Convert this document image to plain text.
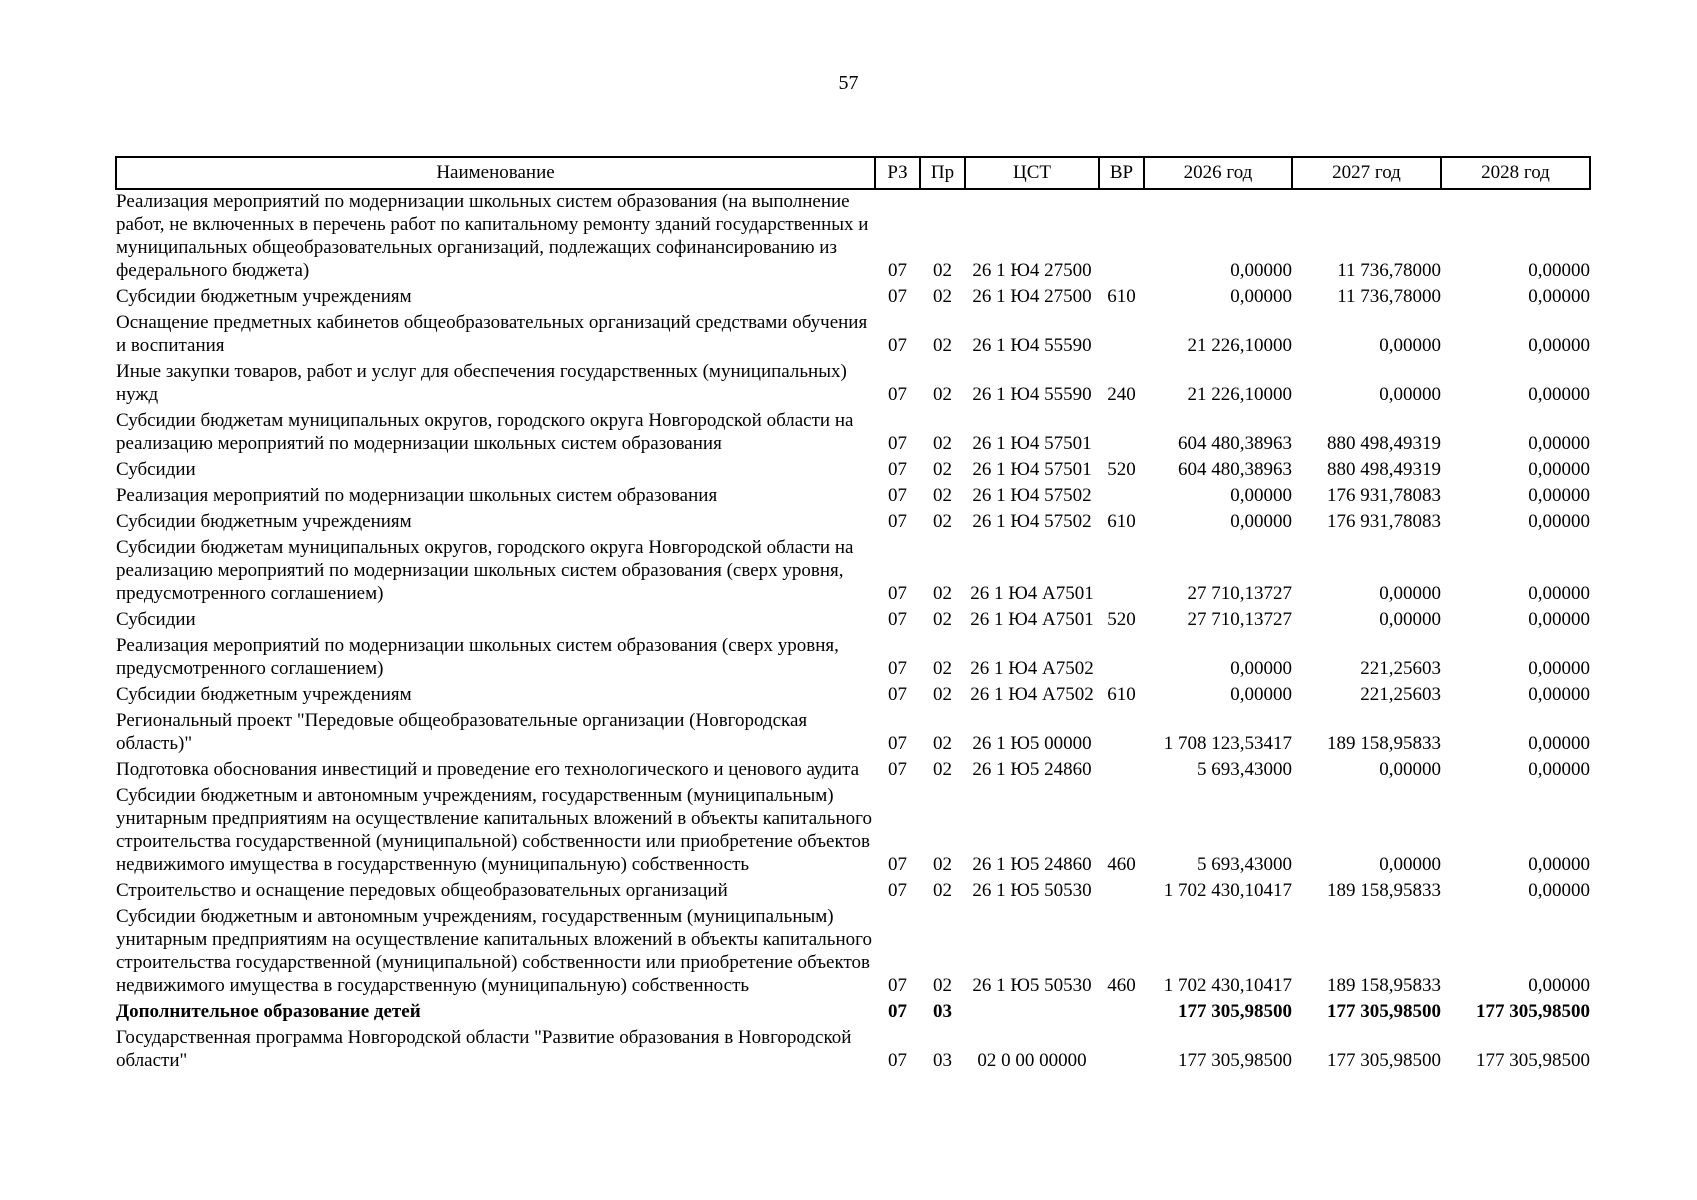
57
Наименование	РЗ	Пр	ЦСТ	ВР	2026 год	2027 год	2028 год
Реализация мероприятий по модернизации школьных систем образования (на выполнение работ, не включенных в перечень работ по капитальному ремонту зданий государственных и муниципальных общеобразовательных организаций, подлежащих софинансированию из федерального бюджета)	07	02	26 1 Ю4 27500		0,00000	11 736,78000	0,00000
Субсидии бюджетным учреждениям	07	02	26 1 Ю4 27500	610	0,00000	11 736,78000	0,00000
Оснащение предметных кабинетов общеобразовательных организаций средствами обучения и воспитания	07	02	26 1 Ю4 55590		21 226,10000	0,00000	0,00000
Иные закупки товаров, работ и услуг для обеспечения государственных (муниципальных) нужд	07	02	26 1 Ю4 55590	240	21 226,10000	0,00000	0,00000
Субсидии бюджетам муниципальных округов, городского округа Новгородской области на реализацию мероприятий по модернизации школьных систем образования	07	02	26 1 Ю4 57501		604 480,38963	880 498,49319	0,00000
Субсидии	07	02	26 1 Ю4 57501	520	604 480,38963	880 498,49319	0,00000
Реализация мероприятий по модернизации школьных систем образования	07	02	26 1 Ю4 57502		0,00000	176 931,78083	0,00000
Субсидии бюджетным учреждениям	07	02	26 1 Ю4 57502	610	0,00000	176 931,78083	0,00000
Субсидии бюджетам муниципальных округов, городского округа Новгородской области на реализацию мероприятий по модернизации школьных систем образования (сверх уровня, предусмотренного соглашением)	07	02	26 1 Ю4 А7501		27 710,13727	0,00000	0,00000
Субсидии	07	02	26 1 Ю4 А7501	520	27 710,13727	0,00000	0,00000
Реализация мероприятий по модернизации школьных систем образования (сверх уровня, предусмотренного соглашением)	07	02	26 1 Ю4 А7502		0,00000	221,25603	0,00000
Субсидии бюджетным учреждениям	07	02	26 1 Ю4 А7502	610	0,00000	221,25603	0,00000
Региональный проект "Передовые общеобразовательные организации (Новгородская область)"	07	02	26 1 Ю5 00000		1 708 123,53417	189 158,95833	0,00000
Подготовка обоснования инвестиций и проведение его технологического и ценового аудита	07	02	26 1 Ю5 24860		5 693,43000	0,00000	0,00000
Субсидии бюджетным и автономным учреждениям, государственным (муниципальным) унитарным предприятиям на осуществление капитальных вложений в объекты капитального строительства государственной (муниципальной) собственности или приобретение объектов недвижимого имущества в государственную (муниципальную) собственность	07	02	26 1 Ю5 24860	460	5 693,43000	0,00000	0,00000
Строительство и оснащение передовых общеобразовательных организаций	07	02	26 1 Ю5 50530		1 702 430,10417	189 158,95833	0,00000
Субсидии бюджетным и автономным учреждениям, государственным (муниципальным) унитарным предприятиям на осуществление капитальных вложений в объекты капитального строительства государственной (муниципальной) собственности или приобретение объектов недвижимого имущества в государственную (муниципальную) собственность	07	02	26 1 Ю5 50530	460	1 702 430,10417	189 158,95833	0,00000
Дополнительное образование детей	07	03			177 305,98500	177 305,98500	177 305,98500
Государственная программа Новгородской области "Развитие образования в Новгородской области"	07	03	02 0 00 00000		177 305,98500	177 305,98500	177 305,98500
